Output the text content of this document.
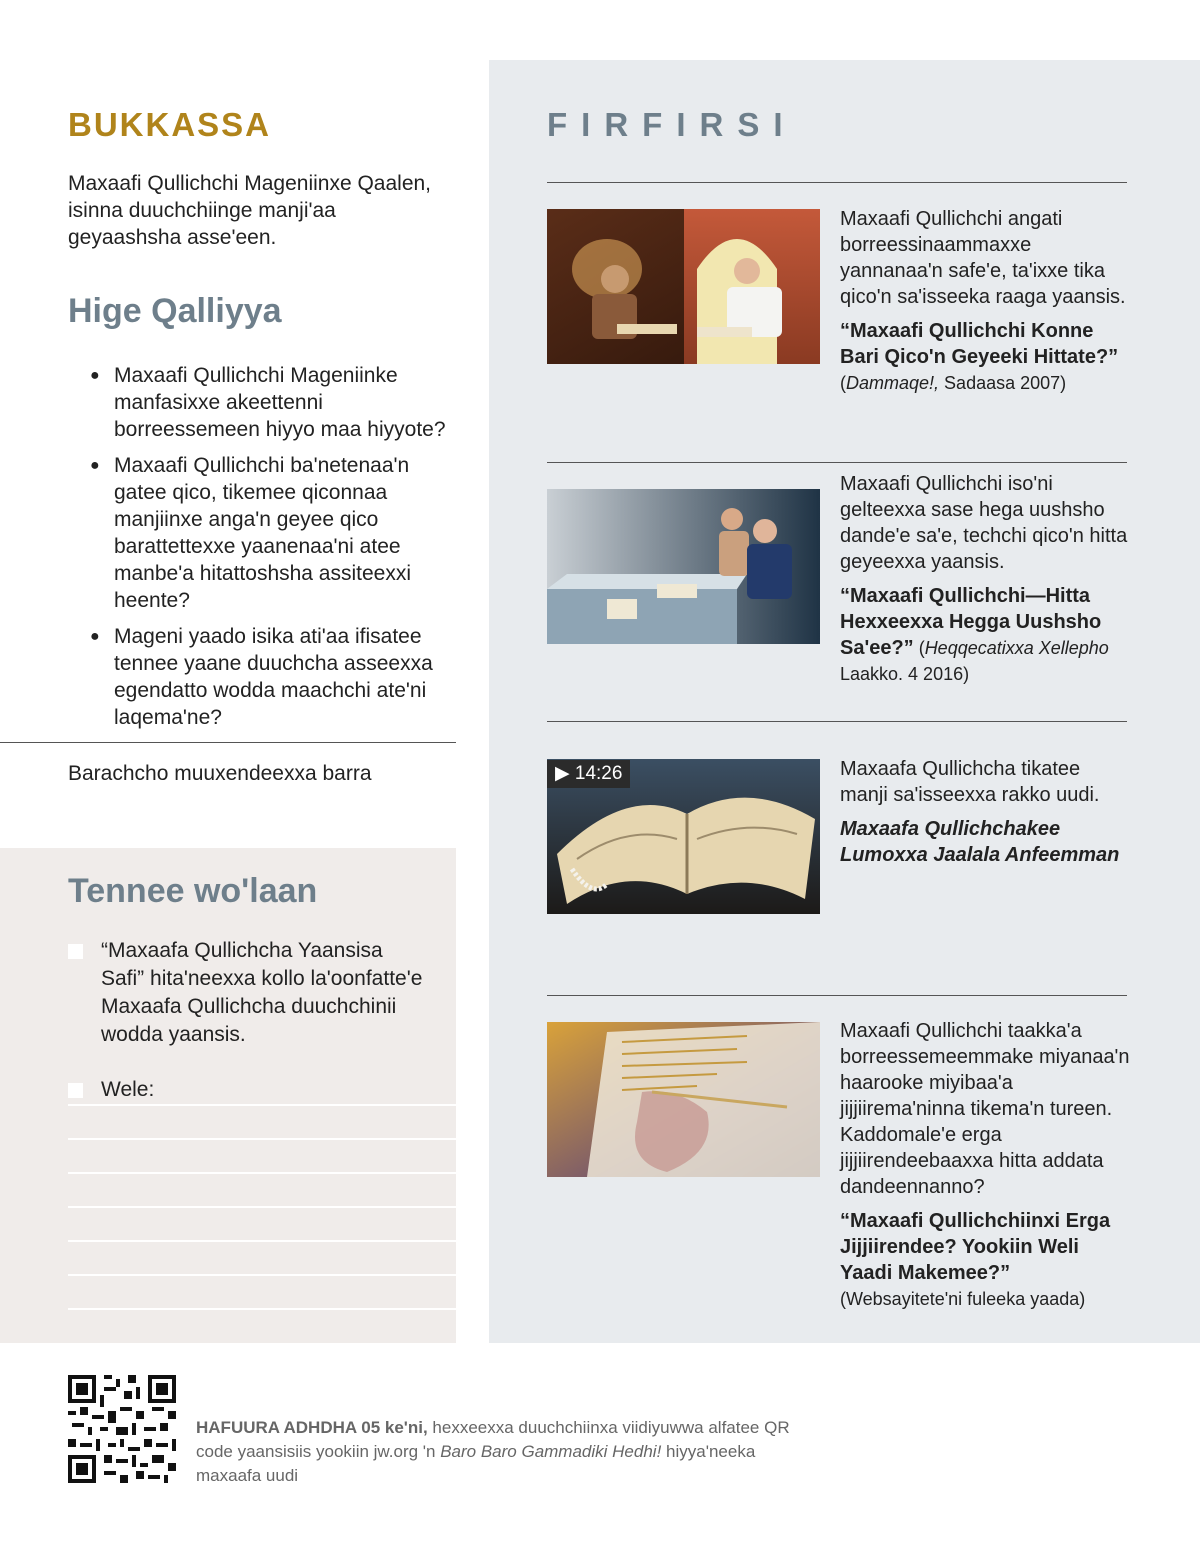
BUKKASSA

Maxaafi Qullichchi Mageniinxe Qaalen, isinna duuchchiinge manji'aa geyaashsha asse'een.

Hige Qalliyya
● Maxaafi Qullichchi Mageniinke manfasixxe akeettenni borreessemeen hiyyo maa hiyyote?
● Maxaafi Qullichchi ba'netenaa'n gatee qico, tikemee qiconnaa manjiinxe anga'n geyee qico barattettexxe yaanenaa'ni atee manbe'a hitattoshsha assiteexxi heente?
● Mageni yaado isika ati'aa ifisatee tennee yaane duuchcha asseexxa egendatto wodda maachchi ate'ni laqema'ne?

Barachcho muuxendeexxa barra

Tennee wo'laan

“Maxaafa Qullichcha Yaansisa Safi” hita'neexxa kollo la'oonfatte'e Maxaafa Qullichcha duuchchinii wodda yaansis.

Wele:

FIRFIRSI

Maxaafi Qullichchi angati borreessinaammaxxe yannanaa'n safe'e, ta'ixxe tika qico'n sa'isseeka raaga yaansis.

“Maxaafi Qullichchi Konne Bari Qico'n Geyeeki Hittate?”
(Dammaqe!, Sadaasa 2007)

Maxaafi Qullichchi iso'ni gelteexxa sase hega uushsho dande'e sa'e, techchi qico'n hitta geyeexxa yaansis.

“Maxaafi Qullichchi—Hitta Hexxeexxa Hegga Uushsho Sa'ee?” (Heqqecatixxa Xellepho Laakko. 4 2016)

▶ 14:26	Maxaafa Qullichcha tikatee manji sa'isseexxa rakko uudi.

Maxaafa Qullichchakee Lumoxxa Jaalala Anfeemman

Maxaafi Qullichchi taakka'a borreessemeemmake miyanaa'n haarooke miyibaa'a jijjiirema'ninna tikema'n tureen. Kaddomale'e erga jijjiirendeebaaxxa hitta addata dandeennanno?

“Maxaafi Qullichchiinxi Erga Jijjiirendee? Yookiin Weli Yaadi Makemee?”
(Websayitete'ni fuleeka yaada)

HAFUURA ADHDHA 05 ke'ni, hexxeexxa duuchchiinxa viidiyuwwa alfatee QR code yaansisiis yookiin jw.org 'n Baro Baro Gammadiki Hedhi! hiyya'neeka maxaafa uudi
